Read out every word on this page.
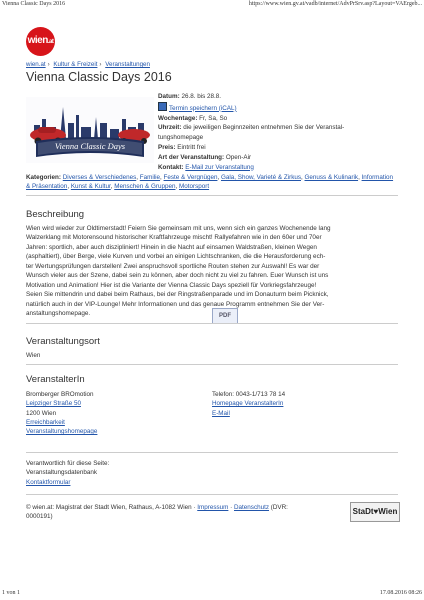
Vienna Classic Days 2016	https://www.wien.gv.at/vadb/internet/AdvPrSrv.asp?Layout=VAErgeb...
wien.at
wien.at › Kultur & Freizeit › Veranstaltungen
Vienna Classic Days 2016
Vienna Classic Days
Datum: 26.8. bis 28.8.
Termin speichern (iCAL)
Wochentage: Fr, Sa, So
Uhrzeit: die jeweiligen Beginnzeiten entnehmen Sie der Veranstal-
tungshomepage
Preis: Eintritt frei
Art der Veranstaltung: Open-Air
Kontakt: E-Mail zur Veranstaltung
Kategorien: Diverses & Verschiedenes, Familie, Feste & Vergnügen, Gala, Show, Varieté & Zirkus, Genuss & Kulinarik, Information & Präsentation, Kunst & Kultur, Menschen & Gruppen, Motorsport
Beschreibung
Wien wird wieder zur Oldtimerstadt! Feiern Sie gemeinsam mit uns, wenn sich ein ganzes Wochenende lang
Walzerklang mit Motorensound historischer Kraftfahrzeuge mischt! Rallyefahren wie in den 60er und 70er
Jahren: sportlich, aber auch diszipliniert! Hinein in die Nacht auf einsamen Waldstraßen, kleinen Wegen
(asphaltiert), über Berge, viele Kurven und vorbei an einigen Lichtschranken, die die Herausforderung ech-
ter Wertungsprüfungen darstellen! Zwei anspruchsvoll sportliche Routen stehen zur Auswahl! Es war der
Wunsch vieler aus der Szene, dabei sein zu können, aber doch nicht zu viel zu fahren. Euer Wunsch ist uns
Motivation und Animation! Hier ist die Variante der Vienna Classic Days speziell für Vorkriegsfahrzeuge!
Seien Sie mittendrin und dabei beim Rathaus, bei der Ringstraßenparade und im Donauturm beim Picknick,
natürlich auch in der VIP-Lounge! Mehr Informationen und das genaue Programm entnehmen Sie der Ver-
anstaltungshomepage.	PDF
Veranstaltungsort
Wien
VeranstalterIn
Bromberger BROmotion
Leipziger Straße 50
1200 Wien
Erreichbarkeit
Veranstaltungshomepage
Telefon: 0043-1/713 78 14
Homepage VeranstalterIn
E-Mail
Verantwortlich für diese Seite:
Veranstaltungsdatenbank
Kontaktformular
© wien.at: Magistrat der Stadt Wien, Rathaus, A-1082 Wien · Impressum · Datenschutz (DVR:
0000191)
StaDt♥Wien
1 von 1	17.08.2016 08:26
